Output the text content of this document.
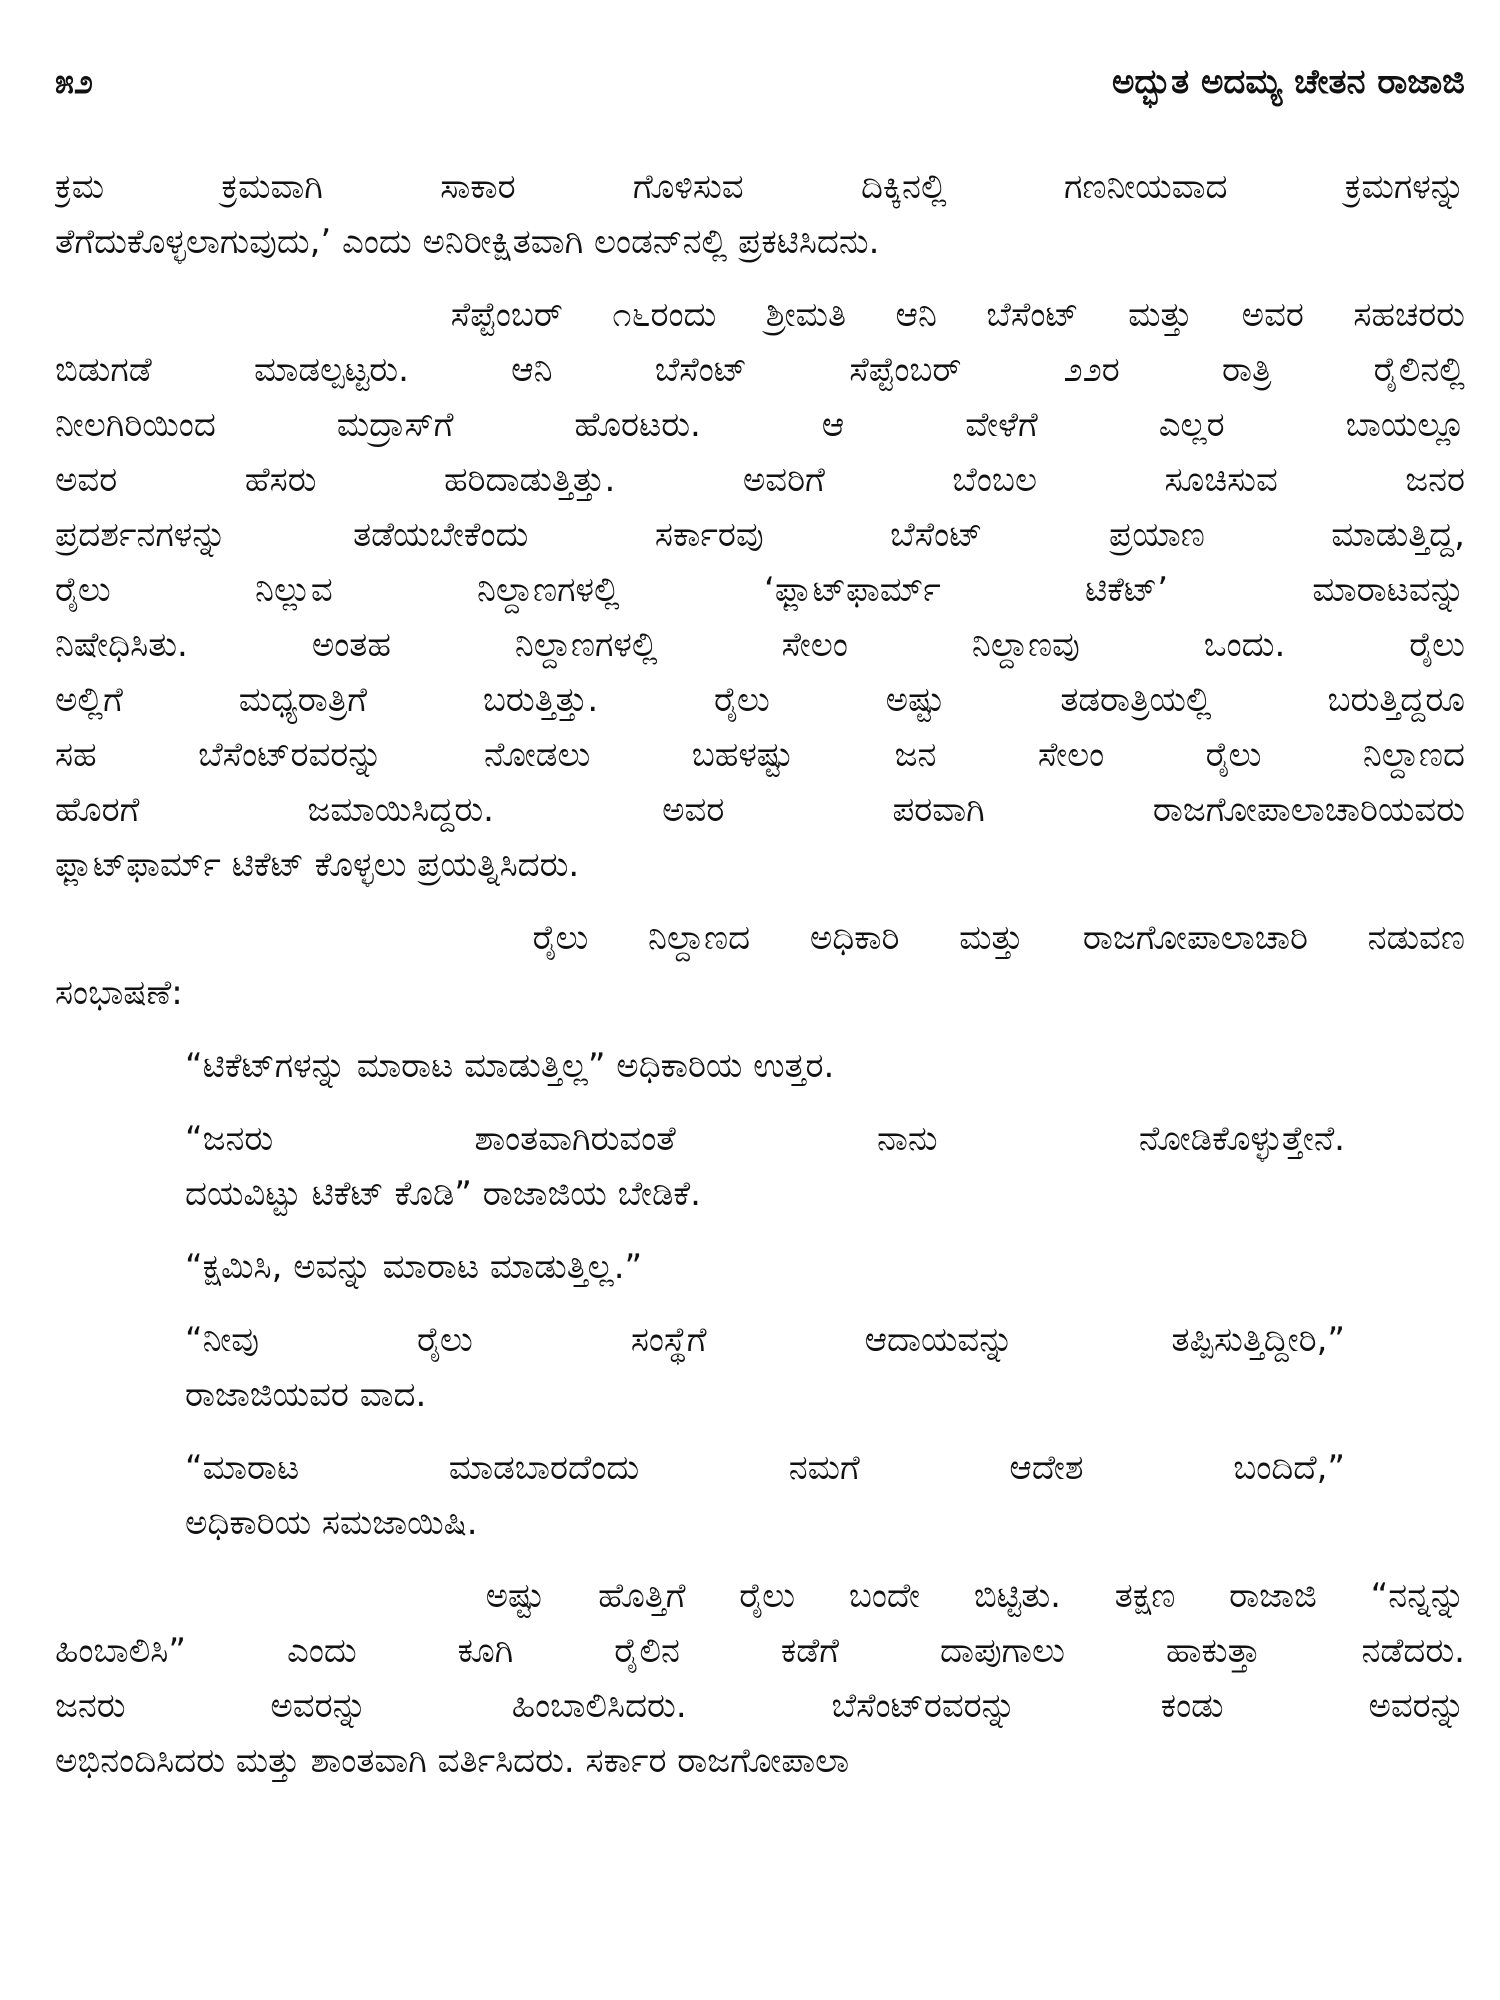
೫೨	ಅದ್ಭುತ ಅದಮ್ಯ ಚೇತನ ರಾಜಾಜಿ
ಕ್ರಮ ಕ್ರಮವಾಗಿ ಸಾಕಾರ ಗೊಳಿಸುವ ದಿಕ್ಕಿನಲ್ಲಿ ಗಣನೀಯವಾದ ಕ್ರಮಗಳನ್ನು
ತೆಗೆದುಕೊಳ್ಳಲಾಗುವುದು,’ ಎಂದು ಅನಿರೀಕ್ಷಿತವಾಗಿ ಲಂಡನ್‌ನಲ್ಲಿ ಪ್ರಕಟಿಸಿದನು.
ಸೆಪ್ಟೆಂಬರ್ ೧೬ರಂದು ಶ್ರೀಮತಿ ಆನಿ ಬೆಸೆಂಟ್ ಮತ್ತು ಅವರ ಸಹಚರರು
ಬಿಡುಗಡೆ ಮಾಡಲ್ಪಟ್ಟರು. ಆನಿ ಬೆಸೆಂಟ್ ಸೆಪ್ಟೆಂಬರ್ ೨೨ರ ರಾತ್ರಿ ರೈಲಿನಲ್ಲಿ
ನೀಲಗಿರಿಯಿಂದ ಮದ್ರಾಸ್‌ಗೆ ಹೊರಟರು. ಆ ವೇಳೆಗೆ ಎಲ್ಲರ ಬಾಯಲ್ಲೂ
ಅವರ ಹೆಸರು ಹರಿದಾಡುತ್ತಿತ್ತು. ಅವರಿಗೆ ಬೆಂಬಲ ಸೂಚಿಸುವ ಜನರ
ಪ್ರದರ್ಶನಗಳನ್ನು ತಡೆಯಬೇಕೆಂದು ಸರ್ಕಾರವು ಬೆಸೆಂಟ್ ಪ್ರಯಾಣ ಮಾಡುತ್ತಿದ್ದ,
ರೈಲು ನಿಲ್ಲುವ ನಿಲ್ದಾಣಗಳಲ್ಲಿ ‘ಫ್ಲಾಟ್‌ಫಾರ್ಮ್ ಟಿಕೆಟ್’ ಮಾರಾಟವನ್ನು
ನಿಷೇಧಿಸಿತು. ಅಂತಹ ನಿಲ್ದಾಣಗಳಲ್ಲಿ ಸೇಲಂ ನಿಲ್ದಾಣವು ಒಂದು. ರೈಲು
ಅಲ್ಲಿಗೆ ಮಧ್ಯರಾತ್ರಿಗೆ ಬರುತ್ತಿತ್ತು. ರೈಲು ಅಷ್ಟು ತಡರಾತ್ರಿಯಲ್ಲಿ ಬರುತ್ತಿದ್ದರೂ
ಸಹ ಬೆಸೆಂಟ್‌ರವರನ್ನು ನೋಡಲು ಬಹಳಷ್ಟು ಜನ ಸೇಲಂ ರೈಲು ನಿಲ್ದಾಣದ
ಹೊರಗೆ ಜಮಾಯಿಸಿದ್ದರು. ಅವರ ಪರವಾಗಿ ರಾಜಗೋಪಾಲಾಚಾರಿಯವರು
ಫ್ಲಾಟ್‌ಫಾರ್ಮ್ ಟಿಕೆಟ್ ಕೊಳ್ಳಲು ಪ್ರಯತ್ನಿಸಿದರು.
ರೈಲು ನಿಲ್ದಾಣದ ಅಧಿಕಾರಿ ಮತ್ತು ರಾಜಗೋಪಾಲಾಚಾರಿ ನಡುವಣ
ಸಂಭಾಷಣೆ:
“ಟಿಕೆಟ್‌ಗಳನ್ನು ಮಾರಾಟ ಮಾಡುತ್ತಿಲ್ಲ” ಅಧಿಕಾರಿಯ ಉತ್ತರ.
“ಜನರು ಶಾಂತವಾಗಿರುವಂತೆ ನಾನು ನೋಡಿಕೊಳ್ಳುತ್ತೇನೆ.
ದಯವಿಟ್ಟು ಟಿಕೆಟ್ ಕೊಡಿ” ರಾಜಾಜಿಯ ಬೇಡಿಕೆ.
“ಕ್ಷಮಿಸಿ, ಅವನ್ನು ಮಾರಾಟ ಮಾಡುತ್ತಿಲ್ಲ.”
“ನೀವು ರೈಲು ಸಂಸ್ಥೆಗೆ ಆದಾಯವನ್ನು ತಪ್ಪಿಸುತ್ತಿದ್ದೀರಿ,”
ರಾಜಾಜಿಯವರ ವಾದ.
“ಮಾರಾಟ ಮಾಡಬಾರದೆಂದು ನಮಗೆ ಆದೇಶ ಬಂದಿದೆ,”
ಅಧಿಕಾರಿಯ ಸಮಜಾಯಿಷಿ.
ಅಷ್ಟು ಹೊತ್ತಿಗೆ ರೈಲು ಬಂದೇ ಬಿಟ್ಟಿತು. ತಕ್ಷಣ ರಾಜಾಜಿ “ನನ್ನನ್ನು
ಹಿಂಬಾಲಿಸಿ” ಎಂದು ಕೂಗಿ ರೈಲಿನ ಕಡೆಗೆ ದಾಪುಗಾಲು ಹಾಕುತ್ತಾ ನಡೆದರು.
ಜನರು ಅವರನ್ನು ಹಿಂಬಾಲಿಸಿದರು. ಬೆಸೆಂಟ್‌ರವರನ್ನು ಕಂಡು ಅವರನ್ನು
ಅಭಿನಂದಿಸಿದರು ಮತ್ತು ಶಾಂತವಾಗಿ ವರ್ತಿಸಿದರು. ಸರ್ಕಾರ ರಾಜಗೋಪಾಲಾ
